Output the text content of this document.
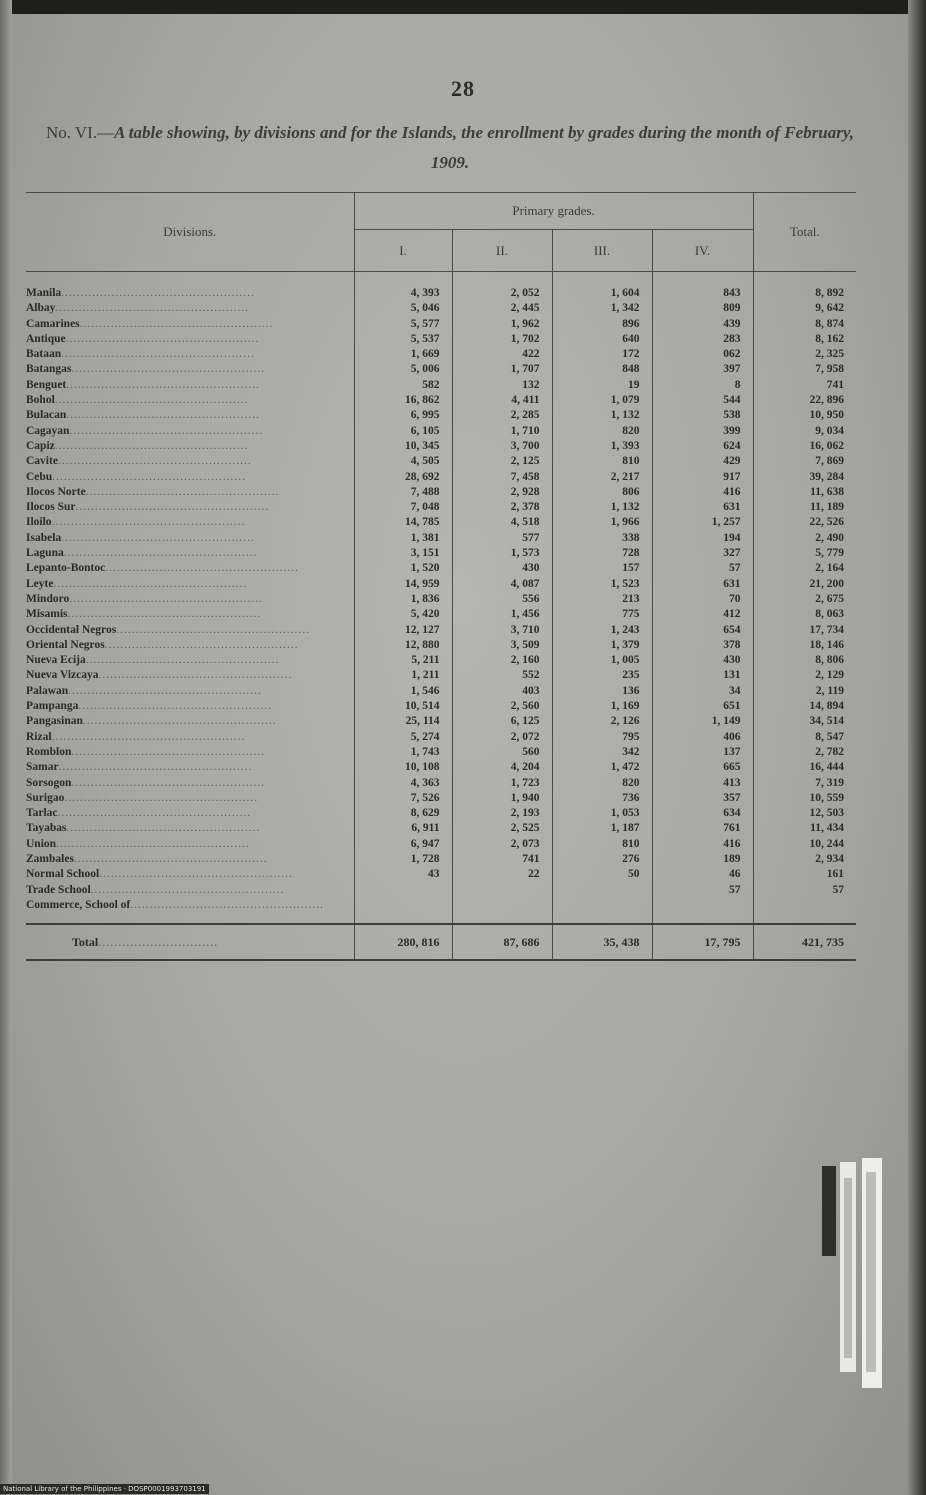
28
No. VI.—A table showing, by divisions and for the Islands, the enrollment by grades during the month of February, 1909.
Divisions.	Primary grades.				Total.
	I.	II.	III.	IV.	

Manila..................................................	4, 393	2, 052	1, 604	843	8, 892
Albay..................................................	5, 046	2, 445	1, 342	809	9, 642
Camarines..................................................	5, 577	1, 962	896	439	8, 874
Antique..................................................	5, 537	1, 702	640	283	8, 162
Bataan..................................................	1, 669	422	172	062	2, 325
Batangas..................................................	5, 006	1, 707	848	397	7, 958
Benguet..................................................	582	132	19	8	741
Bohol..................................................	16, 862	4, 411	1, 079	544	22, 896
Bulacan..................................................	6, 995	2, 285	1, 132	538	10, 950
Cagayan..................................................	6, 105	1, 710	820	399	9, 034
Capiz..................................................	10, 345	3, 700	1, 393	624	16, 062
Cavite..................................................	4, 505	2, 125	810	429	7, 869
Cebu..................................................	28, 692	7, 458	2, 217	917	39, 284
Ilocos Norte..................................................	7, 488	2, 928	806	416	11, 638
Ilocos Sur..................................................	7, 048	2, 378	1, 132	631	11, 189
Iloilo..................................................	14, 785	4, 518	1, 966	1, 257	22, 526
Isabela..................................................	1, 381	577	338	194	2, 490
Laguna..................................................	3, 151	1, 573	728	327	5, 779
Lepanto-Bontoc..................................................	1, 520	430	157	57	2, 164
Leyte..................................................	14, 959	4, 087	1, 523	631	21, 200
Mindoro..................................................	1, 836	556	213	70	2, 675
Misamis..................................................	5, 420	1, 456	775	412	8, 063
Occidental Negros..................................................	12, 127	3, 710	1, 243	654	17, 734
Oriental Negros..................................................	12, 880	3, 509	1, 379	378	18, 146
Nueva Ecija..................................................	5, 211	2, 160	1, 005	430	8, 806
Nueva Vizcaya..................................................	1, 211	552	235	131	2, 129
Palawan..................................................	1, 546	403	136	34	2, 119
Pampanga..................................................	10, 514	2, 560	1, 169	651	14, 894
Pangasinan..................................................	25, 114	6, 125	2, 126	1, 149	34, 514
Rizal..................................................	5, 274	2, 072	795	406	8, 547
Romblon..................................................	1, 743	560	342	137	2, 782
Samar..................................................	10, 108	4, 204	1, 472	665	16, 444
Sorsogon..................................................	4, 363	1, 723	820	413	7, 319
Surigao..................................................	7, 526	1, 940	736	357	10, 559
Tarlac..................................................	8, 629	2, 193	1, 053	634	12, 503
Tayabas..................................................	6, 911	2, 525	1, 187	761	11, 434
Union..................................................	6, 947	2, 073	810	416	10, 244
Zambales..................................................	1, 728	741	276	189	2, 934
Normal School..................................................	43	22	50	46	161
Trade School..................................................				57	57
Commerce, School of..................................................					

Total..............................	280, 816	87, 686	35, 438	17, 795	421, 735
National Library of the Philippines · DOSP0001993703191
